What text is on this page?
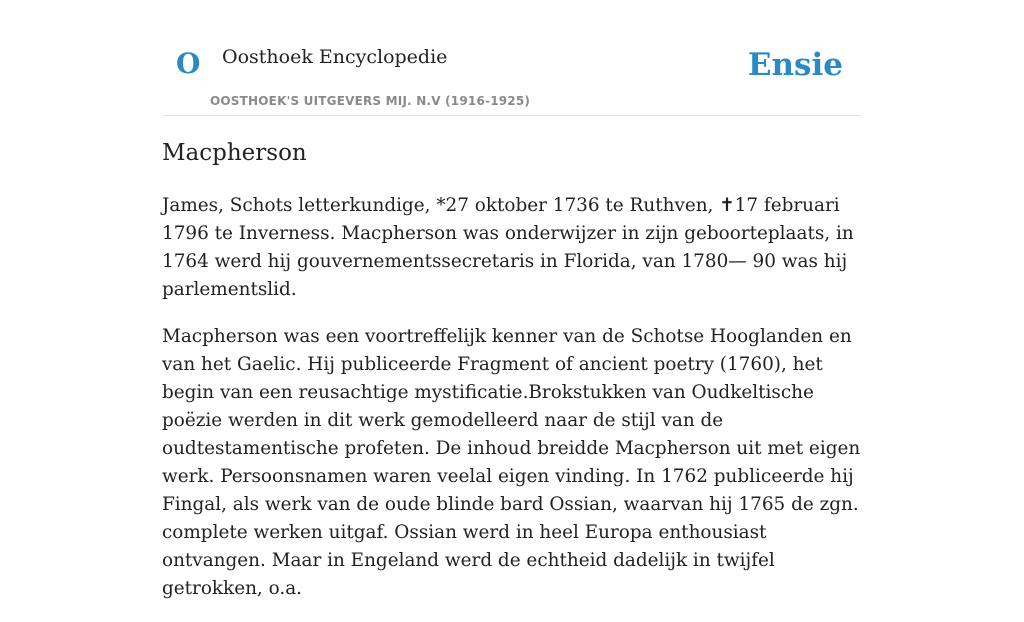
O Oosthoek Encyclopedie
OOSTHOEK'S UITGEVERS MIJ. N.V (1916-1925)
Ensie
Macpherson

James, Schots letterkundige, *27 oktober 1736 te Ruthven, ✝17 februari 1796 te Inverness. Macpherson was onderwijzer in zijn geboorteplaats, in 1764 werd hij gouvernementssecretaris in Florida, van 1780— 90 was hij parlementslid.

Macpherson was een voortreffelijk kenner van de Schotse Hooglanden en van het Gaelic. Hij publiceerde Fragment of ancient poetry (1760), het begin van een reusachtige mystificatie.Brokstukken van Oudkeltische poëzie werden in dit werk gemodelleerd naar de stijl van de oudtestamentische profeten. De inhoud breidde Macpherson uit met eigen werk. Persoonsnamen waren veelal eigen vinding. In 1762 publiceerde hij Fingal, als werk van de oude blinde bard Ossian, waarvan hij 1765 de zgn. complete werken uitgaf. Ossian werd in heel Europa enthousiast ontvangen. Maar in Engeland werd de echtheid dadelijk in twijfel getrokken, o.a.
